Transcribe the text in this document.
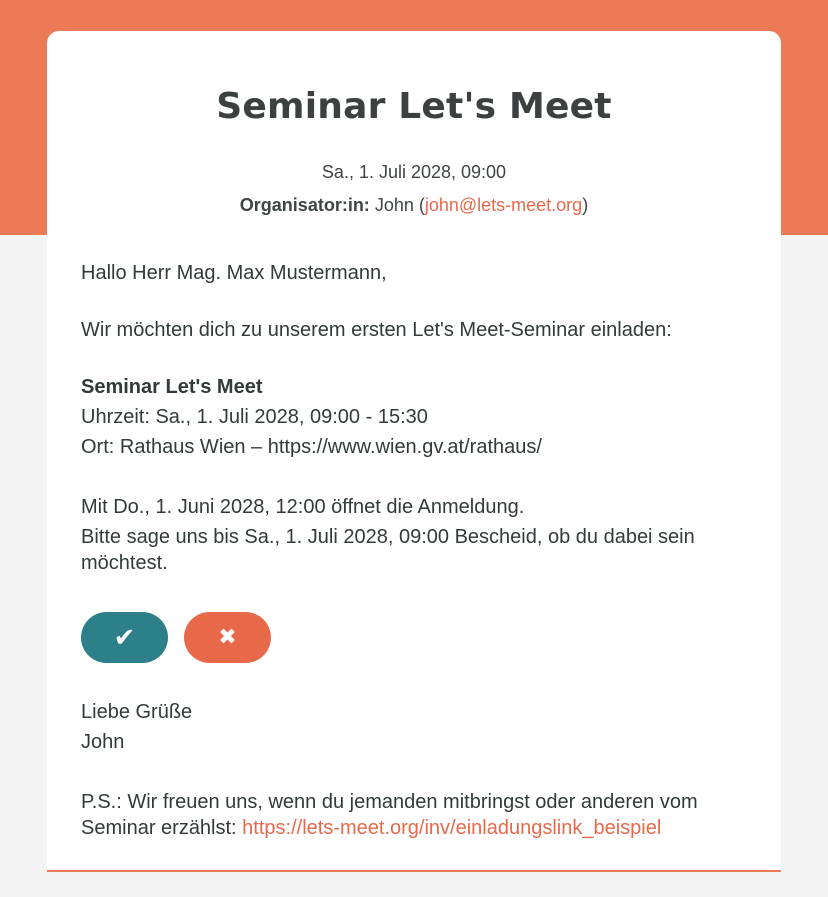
Seminar Let's Meet
Sa., 1. Juli 2028, 09:00
Organisator:in: John (john@lets-meet.org)
Hallo Herr Mag. Max Mustermann,
Wir möchten dich zu unserem ersten Let's Meet-Seminar einladen:
Seminar Let's Meet
Uhrzeit: Sa., 1. Juli 2028, 09:00 - 15:30
Ort: Rathaus Wien – https://www.wien.gv.at/rathaus/
Mit Do., 1. Juni 2028, 12:00 öffnet die Anmeldung.
Bitte sage uns bis Sa., 1. Juli 2028, 09:00 Bescheid, ob du dabei sein
möchtest.
✔	✖
Liebe Grüße
John
P.S.: Wir freuen uns, wenn du jemanden mitbringst oder anderen vom
Seminar erzählst: https://lets-meet.org/inv/einladungslink_beispiel
